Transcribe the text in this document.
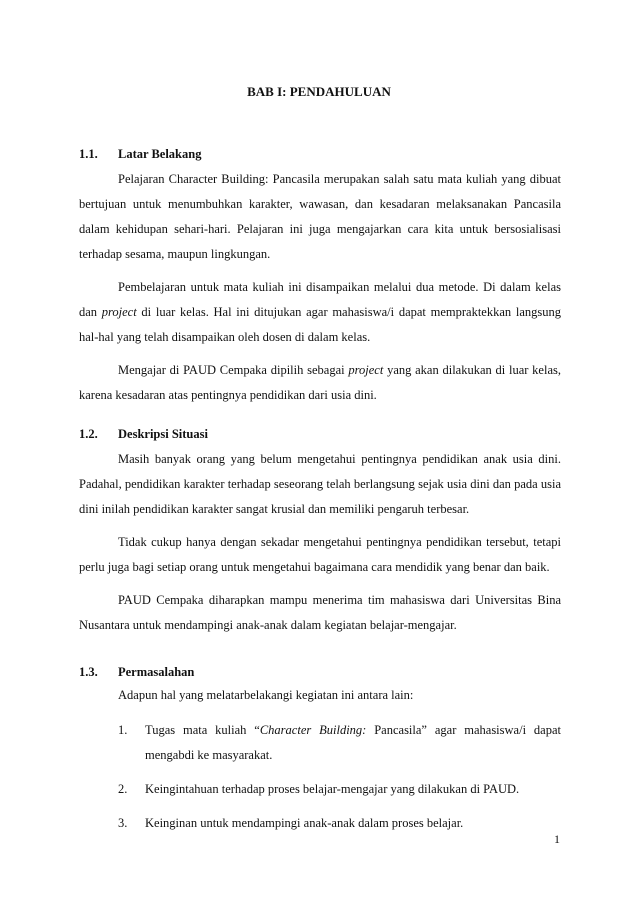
BAB I: PENDAHULUAN
1.1. Latar Belakang

Pelajaran Character Building: Pancasila merupakan salah satu mata kuliah yang dibuat bertujuan untuk menumbuhkan karakter, wawasan, dan kesadaran melaksanakan Pancasila dalam kehidupan sehari-hari. Pelajaran ini juga mengajarkan cara kita untuk bersosialisasi terhadap sesama, maupun lingkungan.

Pembelajaran untuk mata kuliah ini disampaikan melalui dua metode. Di dalam kelas dan project di luar kelas. Hal ini ditujukan agar mahasiswa/i dapat mempraktekkan langsung hal-hal yang telah disampaikan oleh dosen di dalam kelas.

Mengajar di PAUD Cempaka dipilih sebagai project yang akan dilakukan di luar kelas, karena kesadaran atas pentingnya pendidikan dari usia dini.

1.2. Deskripsi Situasi

Masih banyak orang yang belum mengetahui pentingnya pendidikan anak usia dini. Padahal, pendidikan karakter terhadap seseorang telah berlangsung sejak usia dini dan pada usia dini inilah pendidikan karakter sangat krusial dan memiliki pengaruh terbesar.

Tidak cukup hanya dengan sekadar mengetahui pentingnya pendidikan tersebut, tetapi perlu juga bagi setiap orang untuk mengetahui bagaimana cara mendidik yang benar dan baik.

PAUD Cempaka diharapkan mampu menerima tim mahasiswa dari Universitas Bina Nusantara untuk mendampingi anak-anak dalam kegiatan belajar-mengajar.

1.3. Permasalahan
Adapun hal yang melatarbelakangi kegiatan ini antara lain:
1.	Tugas mata kuliah “Character Building: Pancasila” agar mahasiswa/i dapat mengabdi ke masyarakat.
2.	Keingintahuan terhadap proses belajar-mengajar yang dilakukan di PAUD.
3.	Keinginan untuk mendampingi anak-anak dalam proses belajar.
1
